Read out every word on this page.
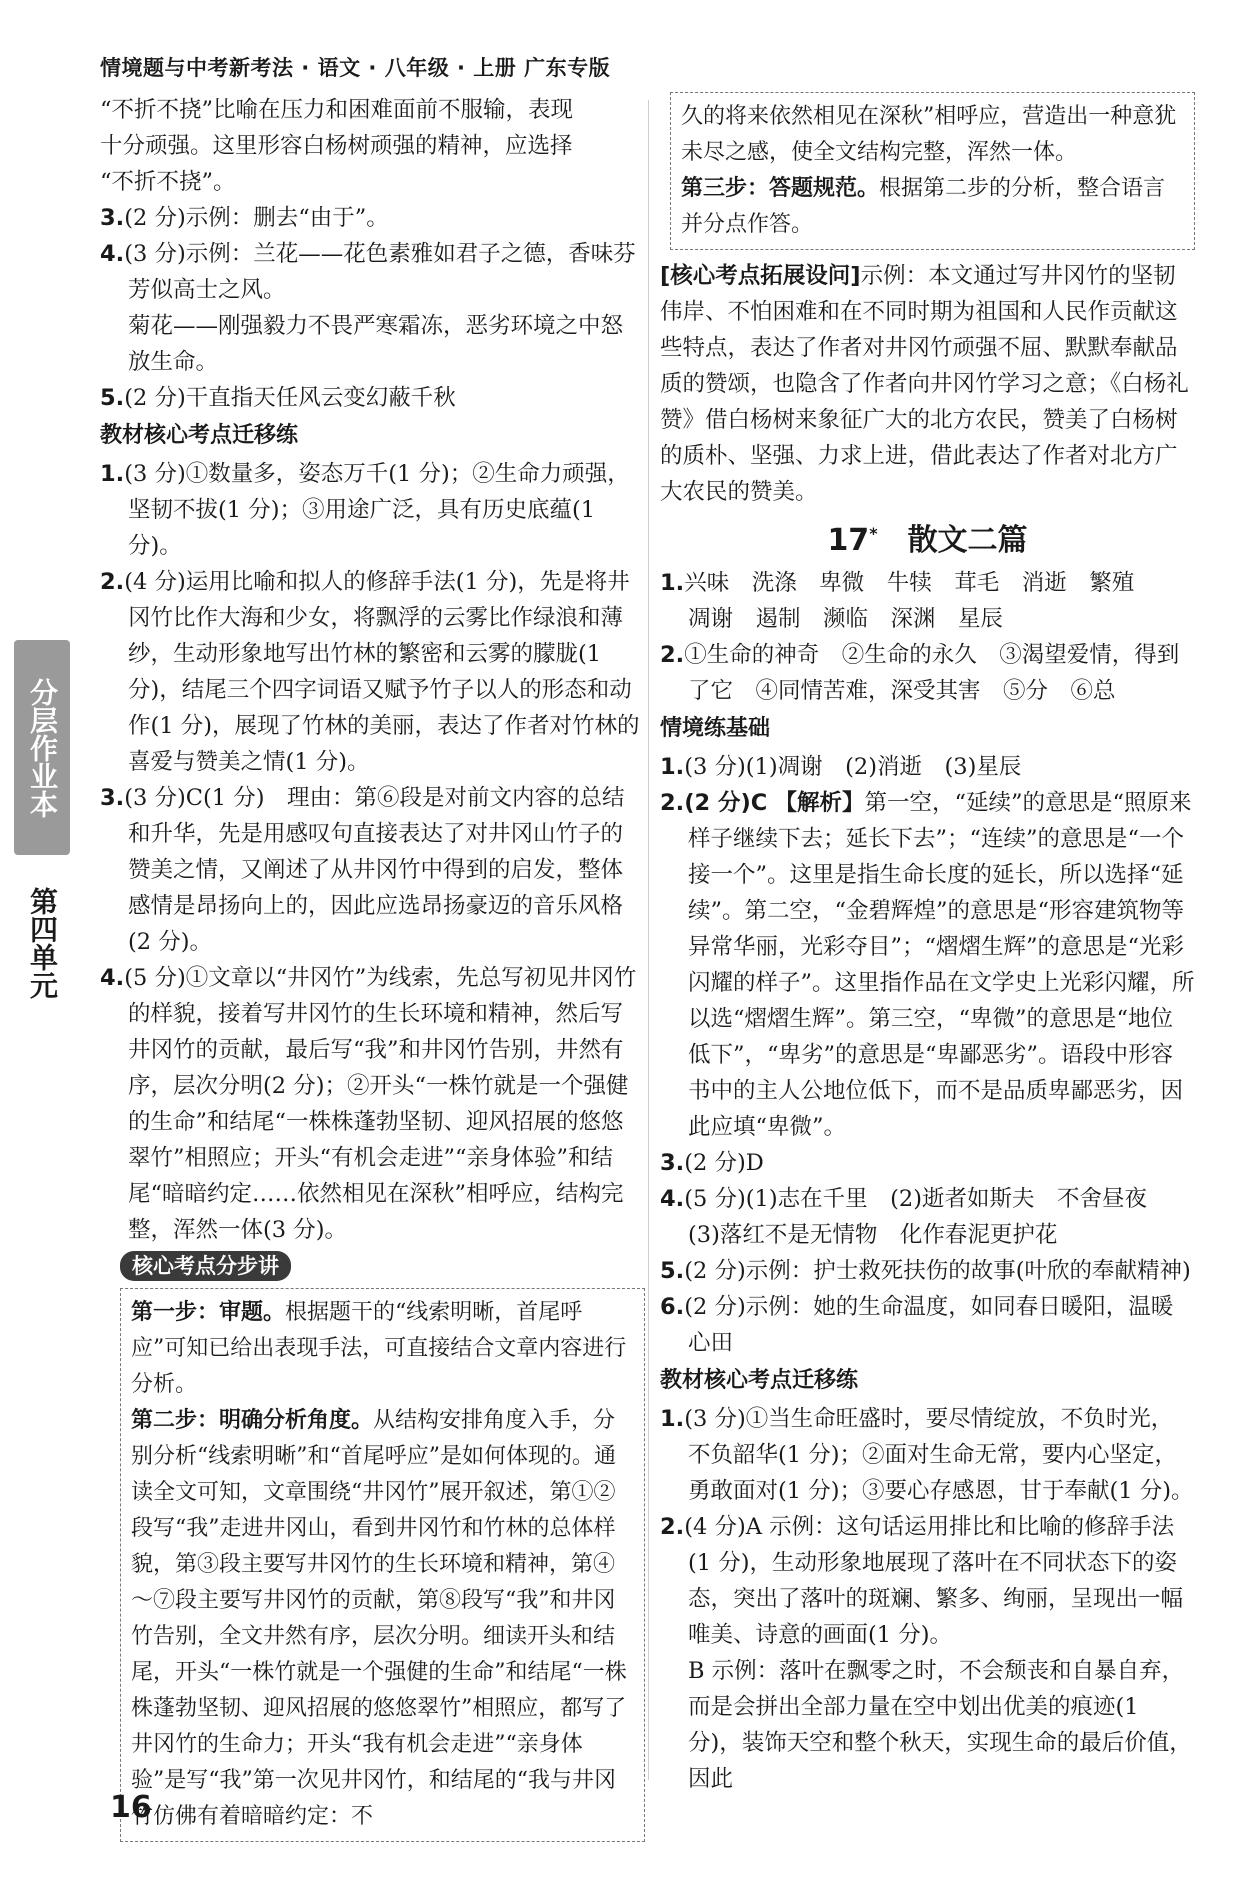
情境题与中考新考法 · 语文 · 八年级 · 上册 广东专版

“不折不挠”比喻在压力和困难面前不服输，表现

十分顽强。这里形容白杨树顽强的精神，应选择

“不折不挠”。

3.(2 分)示例：删去“由于”。

4.(3 分)示例：兰花——花色素雅如君子之德，香味芬芳似高士之风。

菊花——刚强毅力不畏严寒霜冻，恶劣环境之中怒放生命。

5.(2 分)干直指天任风云变幻蔽千秋

教材核心考点迁移练

1.(3 分)①数量多，姿态万千(1 分)；②生命力顽强，坚韧不拔(1 分)；③用途广泛，具有历史底蕴(1 分)。

2.(4 分)运用比喻和拟人的修辞手法(1 分)，先是将井冈竹比作大海和少女，将飘浮的云雾比作绿浪和薄纱，生动形象地写出竹林的繁密和云雾的朦胧(1 分)，结尾三个四字词语又赋予竹子以人的形态和动作(1 分)，展现了竹林的美丽，表达了作者对竹林的喜爱与赞美之情(1 分)。

3.(3 分)C(1 分)　理由：第⑥段是对前文内容的总结和升华，先是用感叹句直接表达了对井冈山竹子的赞美之情，又阐述了从井冈竹中得到的启发，整体感情是昂扬向上的，因此应选昂扬豪迈的音乐风格(2 分)。

4.(5 分)①文章以“井冈竹”为线索，先总写初见井冈竹的样貌，接着写井冈竹的生长环境和精神，然后写井冈竹的贡献，最后写“我”和井冈竹告别，井然有序，层次分明(2 分)；②开头“一株竹就是一个强健的生命”和结尾“一株株蓬勃坚韧、迎风招展的悠悠翠竹”相照应；开头“有机会走进”“亲身体验”和结尾“暗暗约定……依然相见在深秋”相呼应，结构完整，浑然一体(3 分)。

核心考点分步讲

第一步：审题。根据题干的“线索明晰，首尾呼应”可知已给出表现手法，可直接结合文章内容进行分析。

第二步：明确分析角度。从结构安排角度入手，分别分析“线索明晰”和“首尾呼应”是如何体现的。通读全文可知，文章围绕“井冈竹”展开叙述，第①②段写“我”走进井冈山，看到井冈竹和竹林的总体样貌，第③段主要写井冈竹的生长环境和精神，第④～⑦段主要写井冈竹的贡献，第⑧段写“我”和井冈竹告别，全文井然有序，层次分明。细读开头和结尾，开头“一株竹就是一个强健的生命”和结尾“一株株蓬勃坚韧、迎风招展的悠悠翠竹”相照应，都写了井冈竹的生命力；开头“我有机会走进”“亲身体验”是写“我”第一次见井冈竹，和结尾的“我与井冈竹仿佛有着暗暗约定：不

久的将来依然相见在深秋”相呼应，营造出一种意犹未尽之感，使全文结构完整，浑然一体。

第三步：答题规范。根据第二步的分析，整合语言并分点作答。

[核心考点拓展设问]示例：本文通过写井冈竹的坚韧伟岸、不怕困难和在不同时期为祖国和人民作贡献这些特点，表达了作者对井冈竹顽强不屈、默默奉献品质的赞颂，也隐含了作者向井冈竹学习之意；《白杨礼赞》借白杨树来象征广大的北方农民，赞美了白杨树的质朴、坚强、力求上进，借此表达了作者对北方广大农民的赞美。

17*　 散文二篇

1.兴味　洗涤　卑微　牛犊　茸毛　消逝　繁殖

凋谢　遏制　濒临　深渊　星辰

2.①生命的神奇　②生命的永久　③渴望爱情，得到了它　④同情苦难，深受其害　⑤分　⑥总

情境练基础

1.(3 分)(1)凋谢　(2)消逝　(3)星辰

2.(2 分)C 【解析】第一空，“延续”的意思是“照原来样子继续下去；延长下去”；“连续”的意思是“一个接一个”。这里是指生命长度的延长，所以选择“延续”。第二空，“金碧辉煌”的意思是“形容建筑物等异常华丽，光彩夺目”；“熠熠生辉”的意思是“光彩闪耀的样子”。这里指作品在文学史上光彩闪耀，所以选“熠熠生辉”。第三空，“卑微”的意思是“地位低下”，“卑劣”的意思是“卑鄙恶劣”。语段中形容书中的主人公地位低下，而不是品质卑鄙恶劣，因此应填“卑微”。

3.(2 分)D

4.(5 分)(1)志在千里　(2)逝者如斯夫　不舍昼夜

(3)落红不是无情物　化作春泥更护花

5.(2 分)示例：护士救死扶伤的故事(叶欣的奉献精神)

6.(2 分)示例：她的生命温度，如同春日暖阳，温暖心田

教材核心考点迁移练

1.(3 分)①当生命旺盛时，要尽情绽放，不负时光，不负韶华(1 分)；②面对生命无常，要内心坚定，勇敢面对(1 分)；③要心存感恩，甘于奉献(1 分)。

2.(4 分)A 示例：这句话运用排比和比喻的修辞手法(1 分)，生动形象地展现了落叶在不同状态下的姿态，突出了落叶的斑斓、繁多、绚丽，呈现出一幅唯美、诗意的画面(1 分)。

B 示例：落叶在飘零之时，不会颓丧和自暴自弃，而是会拼出全部力量在空中划出优美的痕迹(1 分)，装饰天空和整个秋天，实现生命的最后价值，因此

分层作业本
第四单元
16
